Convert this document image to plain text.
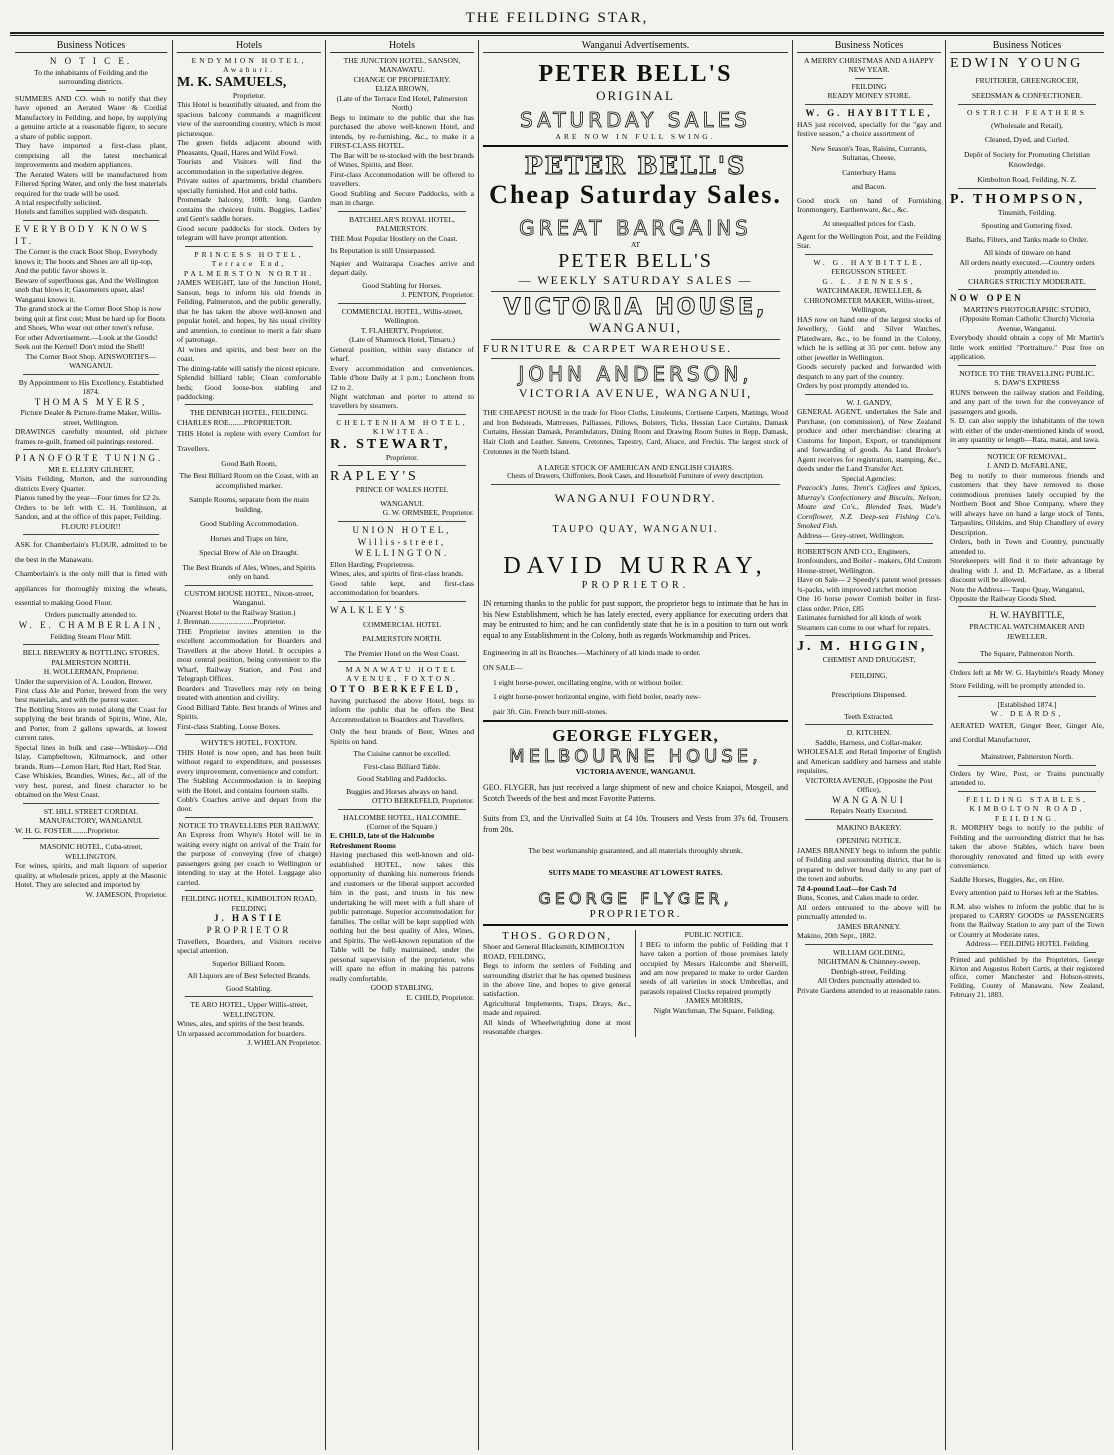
THE FEILDING STAR,
Business Notices

N O T I C E.

To the inhabitants of Feilding and the surrounding districts.

SUMMERS AND CO. wish to notify that they have opened an Aerated Water & Cordial Manufactory in Feilding, and hope, by supplying a genuine article at a reasonable figure, to secure a share of public support.

They have imported a first-class plant, comprising all the latest mechanical improvements and modern appliances.

The Aerated Waters will be manufactured from Filtered Spring Water, and only the best materials required for the trade will be used.

A trial respectfully solicited.

Hotels and families supplied with despatch.

EVERYBODY KNOWS IT.

The Corner is the crack Boot Shop, Everybody knows it; The boots and Shoes are all tip-top, And the public favor shows it.

Beware of superfluous gas, And the Wellington snob that blows it; Gasometers upset, alas! Wanganui knows it.

The grand stock at the Corner Boot Shop is now being quit at first cost; Must be hard up for Boots and Shoes, Who wear out other town's refuse.

For other Advertisement.—Look at the Goods! Seek out the Kernel! Don't mind the Shell!

The Corner Boot Shop. AINSWORTH'S—WANGANUI.

By Appointment to His Excellency. Established 1874.

THOMAS MYERS,

Picture Dealer & Picture-frame Maker, Willis-street, Wellington.

DRAWINGS carefully mounted, old picture frames re-guilt, framed oil paintings restored.

PIANOFORTE TUNING.

MR E. ELLERY GILBERT,

Visits Feilding, Morton, and the surrounding districts Every Quarter.

Pianos tuned by the year—Four times for £2 2s.

Orders to be left with C. H. Tomlinson, at Sandon, and at the office of this paper, Feilding.

FLOUR! FLOUR!!

ASK for Chamberlain's FLOUR, admitted to be the best in the Manawatu.

Chamberlain's is the only mill that is fitted with appliances for thoroughly mixing the wheats, essential to making Good Flour.

Orders punctually attended to.

W. E. CHAMBERLAIN,

Feilding Steam Flour Mill.

BELL BREWERY & BOTTLING STORES, PALMERSTON NORTH.

H. WOLLERMAN, Proprietor.

Under the supervision of A. Loudon, Brewer.

First class Ale and Porter, brewed from the very best materials, and with the purest water.

The Bottling Stores are noted along the Coast for supplying the best brands of Spirits, Wine, Ale, and Porter, from 2 gallons upwards, at lowest current rates.

Special lines in bulk and case—Whiskey—Old Islay, Campbeltown, Kilmarnock, and other brands. Rum—Lemon Hart, Red Hart, Red Star.

Case Whiskies, Brandies, Wines, &c., all of the very best, purest, and finest character to be obtained on the West Coast.

ST. HILL STREET CORDIAL MANUFACTORY, WANGANUI.

W. H. G. FOSTER........Proprietor.

MASONIC HOTEL, Cuba-street, WELLINGTON.

For wines, spirits, and malt liquors of superior quality, at wholesale prices, apply at the Masonic Hotel. They are selected and imported by

W. JAMESON, Proprietor.

Hotels

ENDYMION HOTEL, Awahuri.

M. K. SAMUELS,

Proprietor.

This Hotel is beautifully situated, and from the spacious balcony commands a magnificent view of the surrounding country, which is most picturesque.

The green fields adjacent abound with Pheasants, Quail, Hares and Wild Fowl.

Tourists and Visitors will find the accommodation in the superlative degree.

Private suites of apartments, bridal chambers specially furnished. Hot and cold baths.

Promenade balcony, 100ft. long. Garden contains the choicest fruits. Buggies, Ladies' and Gent's saddle horses.

Good secure paddocks for stock. Orders by telegram will have prompt attention.

PRINCESS HOTEL, Terrace End, PALMERSTON NORTH.

JAMES WEIGHT, late of the Junction Hotel, Sanson, begs to inform his old friends in Feilding, Palmerston, and the public generally, that he has taken the above well-known and popular hotel, and hopes, by his usual civility and attention, to continue to merit a fair share of patronage.

Al wines and spirits, and best beer on the coast.

The dining-table will satisfy the nicest epicure.

Splendid billiard table; Clean comfortable beds; Good loose-box stabling and paddocking.

THE DENBIGH HOTEL, FEILDING.

CHARLES ROE........PROPRIETOR.

THIS Hotel is replete with every Comfort for Travellers.

Good Bath Room,

The Best Billiard Room on the Coast, with an accomplished marker.

Sample Rooms, separate from the main building.

Good Stabling Accommodation.

Horses and Traps on hire,

Special Brew of Ale on Draught.

The Best Brands of Ales, Wines, and Spirits only on hand.

CUSTOM HOUSE HOTEL, Nixon-street, Wanganui.

(Nearest Hotel to the Railway Station.)

J. Brennan.......................Proprietor.

THE Proprietor invites attention to the excellent accommodation for Boarders and Travellers at the above Hotel. It occupies a most central position, being convenient to the Wharf, Railway Station, and Post and Telegraph Offices.

Boarders and Travellers may rely on being treated with attention and civility.

Good Billiard Table. Best brands of Wines and Spirits.

First-class Stabling. Loose Boxes.

WHYTE'S HOTEL, FOXTON.

THIS Hotel is now open, and has been built without regard to expenditure, and possesses every improvement, convenience and comfort.

The Stabling Accommodation is in keeping with the Hotel, and contains fourteen stalls.

Cobb's Coaches arrive and depart from the door.

NOTICE TO TRAVELLERS PER RAILWAY.

An Express from Whyte's Hotel will be in waiting every night on arrival of the Train for the purpose of conveying (free of charge) passengers going per coach to Wellington or intending to stay at the Hotel. Luggage also carried.

FEILDING HOTEL, KIMBOLTON ROAD, FEILDING

J. HASTIE

PROPRIETOR

Travellers, Boarders, and Visitors receive special attention.

Superior Billiard Room.

All Liquors are of Best Selected Brands.

Good Stabling.

TE ARO HOTEL, Upper Willis-street, WELLINGTON.

Wines, ales, and spirits of the best brands.

Un urpassed accommodation for boarders.

J. WHELAN Proprietor.

Hotels

THE JUNCTION HOTEL, SANSON, MANAWATU.

CHANGE OF PROPRIETARY.

ELIZA BROWN,

(Late of the Terrace End Hotel, Palmerston North)

Begs to intimate to the public that she has purchased the above well-known Hotel, and intends, by re-furnishing, &c., to make it a FIRST-CLASS HOTEL.

The Bar will be re-stocked with the best brands of Wines, Spirits, and Beer.

First-class Accommodation will be offered to travellers.

Good Stabling and Secure Paddocks, with a man in charge.

BATCHELAR'S ROYAL HOTEL, PALMERSTON.

THE Most Popular Hostlery on the Coast.

Its Reputation is still Unsurpassed.

Napier and Wairarapa Coaches arrive and depart daily.

Good Stabling for Horses.

J. PENTON, Proprietor.

COMMERCIAL HOTEL, Willis-street, Wellington.

T. FLAHERTY, Proprietor.

(Late of Shamrock Hotel, Timaru.)

General position, within easy distance of wharf.

Every accommodation and conveniences. Table d'hote Daily at 1 p.m.; Luncheon from 12 to 2.

Night watchman and porter to attend to travellers by steamers.

CHELTENHAM HOTEL, KIWITEA.

R. STEWART,

Proprietor.

RAPLEY'S

PRINCE OF WALES HOTEL

WANGANUI.

G. W. ORMSBEE, Proprietor.

UNION HOTEL, Willis-street, WELLINGTON.

Ellen Harding, Proprietress.

Wines, ales, and spirits of first-class brands.

Good table kept, and first-class accommodation for boarders.

WALKLEY'S

COMMERCIAL HOTEL

PALMERSTON NORTH.

The Premier Hotel on the West Coast.

MANAWATU HOTEL AVENUE, FOXTON.

OTTO BERKEFELD,

having purchased the above Hotel, begs to inform the public that he offers the Best Accommodation to Boarders and Travellers.

Only the best brands of Beer, Wines and Spirits on hand.

The Cuisine cannot be excelled.

First-class Billiard Table.

Good Stabling and Paddocks.

Buggies and Horses always on hand.

OTTO BERKEFELD, Proprietor.

HALCOMBE HOTEL, HALCOMBE.

(Corner of the Square.)

E. CHILD, late of the Halcombe Refreshment Rooms

Having purchased this well-known and old-established HOTEL, now takes this opportunity of thanking his numerous friends and customers or the liberal support accorded him in the past, and trusts in his new undertaking he will meet with a full share of public patronage. Superior accommodation for families. The cellar will be kept supplied with nothing but the best quality of Ales, Wines, and Spirits. The well-known reputation of the Table will be fully maintained, under the personal supervision of the proprietor, who will spare no effort in making his patrons really comfortable.

GOOD STABLING.

E. CHILD, Proprietor.

Wanganui Advertisements.

PETER BELL'S

ORIGINAL

SATURDAY SALES

ARE NOW IN FULL SWING.

PETER BELL'S

Cheap Saturday Sales.

GREAT BARGAINS

AT

PETER BELL'S

— WEEKLY SATURDAY SALES —

VICTORIA HOUSE,

WANGANUI,

FURNITURE & CARPET WAREHOUSE.

JOHN ANDERSON,

VICTORIA AVENUE, WANGANUI,

THE CHEAPEST HOUSE in the trade for Floor Cloths, Linoleums, Cortisene Carpets, Mattings, Wood and Iron Bedsteads, Mattresses, Palliasses, Pillows, Bolsters, Ticks, Hessian Lace Curtains, Damask Curtains, Hessian Damask, Perambulators, Dining Room and Drawing Room Suites in Repp, Damask, Hair Cloth and Leather. Sateens, Cretonnes, Tapestry, Card, Alsace, and Frechis. The largest stock of Cretonnes in the North Island.

A LARGE STOCK OF AMERICAN AND ENGLISH CHAIRS.

Chests of Drawers, Chiffoniers, Book Cases, and Household Furniture of every description.

WANGANUI FOUNDRY.

TAUPO QUAY, WANGANUI.

DAVID MURRAY,

PROPRIETOR.

IN returning thanks to the public for past support, the proprietor begs to intimate that he has in his New Establishment, which he has lately erected, every appliance for executing orders that may be entrusted to him; and he can confidently state that he is in a position to turn out work equal to any Establishment in the Colony, both as regards Workmanship and Prices.

Engineering in all its Branches.—Machinery of all kinds made to order.

ON SALE—

1 eight horse-power, oscillating engine, with or without boiler.

1 eight horse-power horizontal engine, with field boiler, nearly new-

pair 3ft. Gin. French burr mill-stones.

GEORGE FLYGER,

MELBOURNE HOUSE,

VICTORIA AVENUE, WANGANUI.

GEO. FLYGER, has just received a large shipment of new and choice Kaiapoi, Mosgeil, and Scotch Tweeds of the best and most Favorite Patterns.

Suits from £3, and the Unrivalled Suits at £4 10s. Trousers and Vests from 37s 6d. Trousers from 20s.

The best workmanship guaranteed, and all materials throughly shrunk.

SUITS MADE TO MEASURE AT LOWEST RATES.

GEORGE FLYGER,

PROPRIETOR.

THOS. GORDON,

Shoer and General Blacksmith, KIMBOLTON ROAD, FEILDING,

Begs to inform the settlers of Feilding and surrounding district that he has opened business in the above line, and hopes to give general satisfaction.

Agricultural Implements, Traps, Drays, &c., made and repaired.

All kinds of Wheelwrighting done at most reasonable charges.

PUBLIC NOTICE.

I BEG to inform the public of Feilding that I have taken a portion of those premises lately occupied by Messrs Halcombe and Sherwill, and am now prepared to make to order Garden seeds of all varieties in stock Umbrellas, and parasols repaired Clocks repaired promptly

JAMES MORRIS,

Night Watchman, The Square, Feilding.

Business Notices

A MERRY CHRISTMAS AND A HAPPY NEW YEAR.

FEILDING

READY MONEY STORE.

W. G. HAYBITTLE,

HAS just received, specially for the "gay and festive season," a choice assortment of

New Season's Teas, Raisins, Currants, Sultanas, Cheese,

Canterbury Hams

and Bacon.

Good stock on hand of Furnishing Ironmongery, Earthenware, &c., &c.

At unequalled prices for Cash.

Agent for the Wellington Post, and the Feilding Star.

W. G. HAYBITTLE,

FERGUSSON STREET.

G. L. JENNESS,

WATCHMAKER, JEWELLER, & CHRONOMETER MAKER, Willis-street, Wellington,

HAS now on hand one of the largest stocks of Jewellery, Gold and Silver Watches, Platedware, &c., to be found in the Colony, which he is selling at 35 per cent. below any other jeweller in Wellington.

Goods securely packed and forwarded with despatch to any part of the country.

Orders by post promptly attended to.

W. J. GANDY,

GENERAL AGENT, undertakes the Sale and Purchase, (on commission), of New Zealand produce and other merchandise: clearing at Customs for Import, Export, or transhipment and forwarding of goods. As Land Broker's Agent receives for registration, stamping, &c., deeds under the Land Transfer Act.

Special Agencies:

Peacock's Jams, Trent's Coffees and Spices, Murray's Confectionery and Biscuits, Nelson, Moate and Co's., Blended Teas, Wade's Cornflower, N.Z. Deep-sea Fishing Co's. Smoked Fish.

Address— Grey-street, Wellington.

ROBERTSON AND CO., Engineers,

Ironfounders, and Boiler - makers, Old Custom House-street, Wellington.

Have on Sale— 2 Speedy's patent wool presses ¾-packs, with improved ratchet motion

One 16 horse power Cornish boiler in first-class order. Price, £85

Estimates furnished for all kinds of work

Steamers can come to our wharf for repairs.

J. M. HIGGIN,

CHEMIST AND DRUGGIST,

FEILDING.

Prescriptions Dispensed.

Teeth Extracted.

D. KITCHEN.

Saddle, Harness, and Collar-maker.

WHOLESALE and Retail Importer of English and American saddlery and harness and stable requisites,

VICTORIA AVENUE, (Opposite the Post Office),

WANGANUI

Repairs Neatly Executed.

MAKINO BAKERY.

OPENING NOTICE.

JAMES BRANNEY begs to inform the public of Feilding and surrounding district, that he is prepared to deliver bread daily to any part of the town and suburbs.

7d 4-pound Loaf—for Cash 7d

Buns, Scones, and Cakes made to order.

All orders entrusted to the above will be punctually attended to.

JAMES BRANNEY.

Makino, 20th Sept., 1882.

WILLIAM GOLDING,

NIGHTMAN & Chimney-sweep,

Denbigh-street, Feilding.

All Orders punctually attended to.

Private Gardens attended to at reasonable rates.

Business Notices

EDWIN YOUNG

FRUITERER, GREENGROCER,

SEEDSMAN & CONFECTIONER.

OSTRICH FEATHERS

(Wholesale and Retail),

Cleaned, Dyed, and Curled.

Depôt of Society for Promoting Christian Knowledge.

Kimbolton Road, Feilding, N. Z.

P. THOMPSON,

Tinsmith, Feilding.

Spouting and Guttering fixed.

Baths, Filters, and Tanks made to Order.

All kinds of tinware on hand

All orders neatly executed.—Country orders promptly attended to.

CHARGES STRICTLY MODERATE.

NOW OPEN

MARTIN'S PHOTOGRAPHIC STUDIO,

(Opposite Roman Catholic Church) Victoria Avenue, Wanganui.

Everybody should obtain a copy of Mr Martin's little work entitled "Portraiture." Post free on application.

NOTICE TO THE TRAVELLING PUBLIC.

S. DAW'S EXPRESS

RUNS between the railway station and Feilding, and any part of the town for the conveyance of passengers and goods.

S. D. can also supply the inhabitants of the town with either of the under-mentioned kinds of wood, in any quantity or length—Rata, matai, and tawa.

NOTICE OF REMOVAL.

J. AND D. McFARLANE,

Beg to notify to their numerous friends and customers that they have removed to those commodious premises lately occupied by the Northern Boot and Shoe Company, where they will always have on hand a large stock of Tents, Tarpaulins, Oilskins, and Ship Chandlery of every Description.

Orders, both in Town and Country, punctually attended to.

Storekeepers will find it to their advantage by dealing with J. and D. McFarlane, as a liberal discount will be allowed.

Note the Address— Taupo Quay, Wanganui, Opposite the Railway Goods Shed.

H. W. HAYBITTLE,

PRACTICAL WATCHMAKER AND JEWELLER.

The Square, Palmerston North.

Orders left at Mr W. G. Haybittle's Ready Money Store Feilding, will be promptly attended to.

[Established 1874.]

W. DEARDS,

AERATED WATER, Ginger Beer, Ginger Ale, and Cordial Manufacturer,

Mainstreet, Palmerston North.

Orders by Wire, Post, or Trains punctually attended to.

FEILDING STABLES, KIMBOLTON ROAD, FEILDING.

R. MORPHY begs to notify to the public of Feilding and the surrounding district that he has taken the above Stables, which have been thoroughly renovated and fitted up with every convenience.

Saddle Horses, Buggies, &c, on Hire.

Every attention paid to Horses left at the Stables.

R.M. also wishes to inform the public that he is prepared to CARRY GOODS or PASSENGERS from the Railway Station to any part of the Town or Country at Moderate rates.

Address— FEILDING HOTEL Feilding

Printed and published by the Proprietors, George Kirton and Augustus Robert Curtis, at their registered office, corner Manchester and Hobson-streets, Feilding, County of Manawatu, New Zealand, February 21, 1883.
